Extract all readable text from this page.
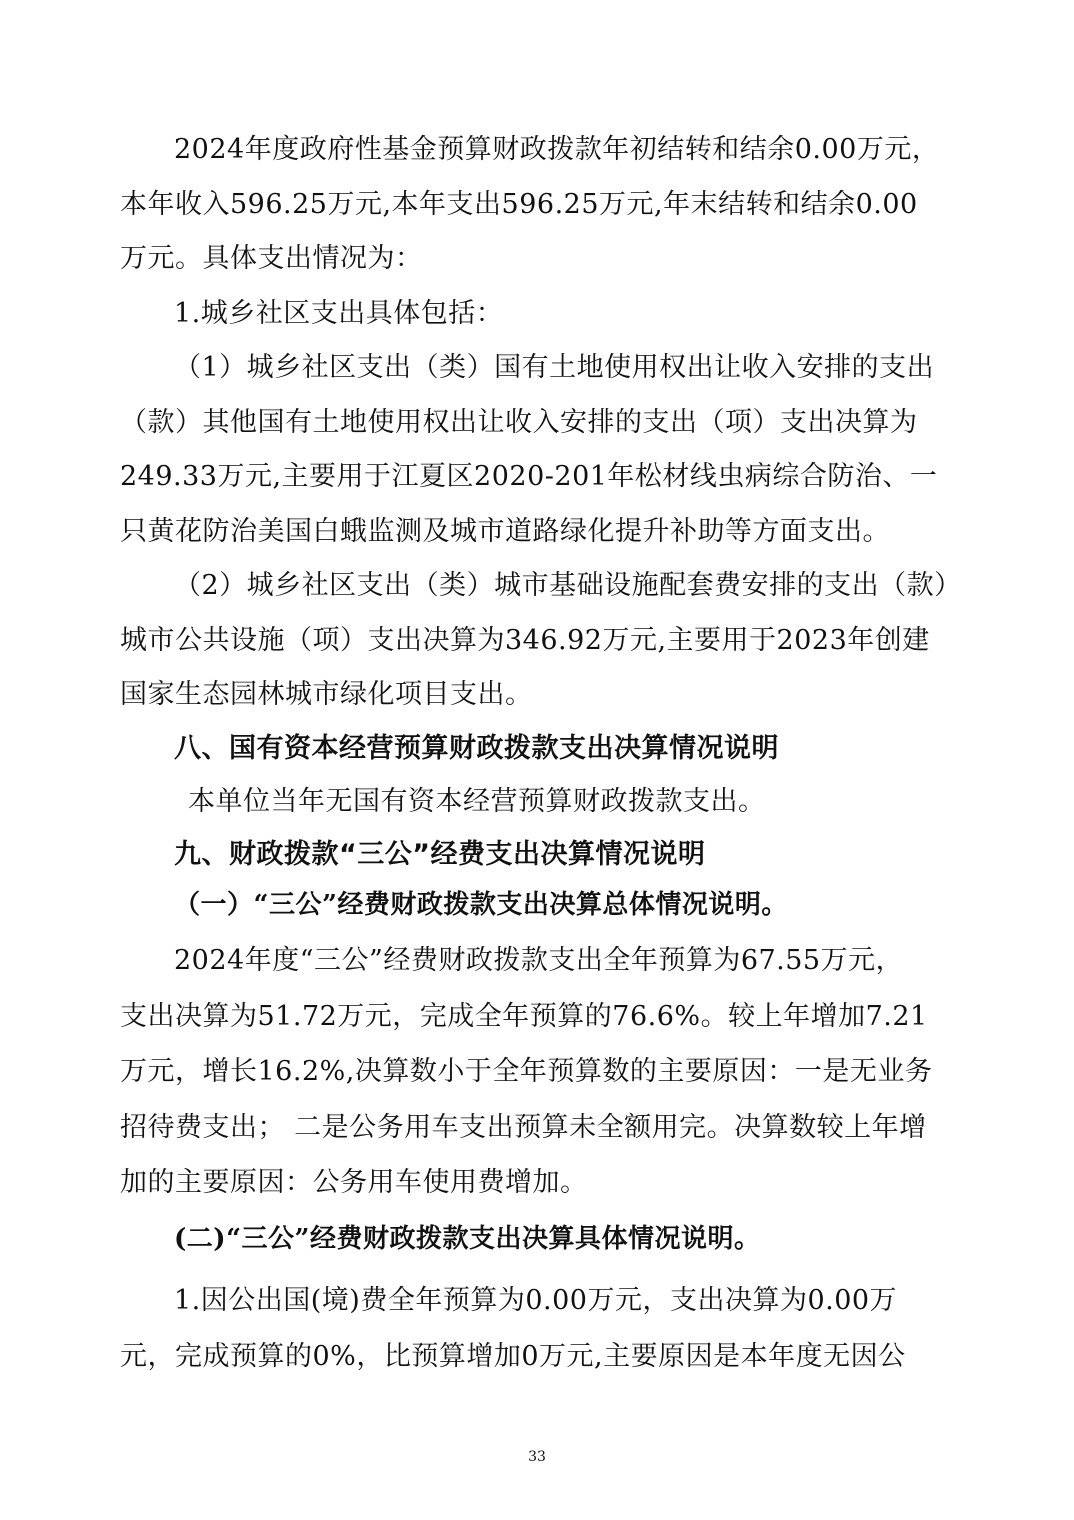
2024年度政府性基金预算财政拨款年初结转和结余0.00万元，
本年收入596.25万元,本年支出596.25万元,年末结转和结余0.00
万元。具体支出情况为：
1.城乡社区支出具体包括：
（1）城乡社区支出（类）国有土地使用权出让收入安排的支出
（款）其他国有土地使用权出让收入安排的支出（项）支出决算为
249.33万元,主要用于江夏区2020-201年松材线虫病综合防治、一
只黄花防治美国白蛾监测及城市道路绿化提升补助等方面支出。
（2）城乡社区支出（类）城市基础设施配套费安排的支出（款）
城市公共设施（项）支出决算为346.92万元,主要用于2023年创建
国家生态园林城市绿化项目支出。
八、国有资本经营预算财政拨款支出决算情况说明
本单位当年无国有资本经营预算财政拨款支出。
九、财政拨款“三公”经费支出决算情况说明
（一）“三公”经费财政拨款支出决算总体情况说明。
2024年度“三公”经费财政拨款支出全年预算为67.55万元，
支出决算为51.72万元，完成全年预算的76.6%。较上年增加7.21
万元，增长16.2%,决算数小于全年预算数的主要原因：一是无业务
招待费支出； 二是公务用车支出预算未全额用完。决算数较上年增
加的主要原因：公务用车使用费增加。
(二)“三公”经费财政拨款支出决算具体情况说明。
1.因公出国(境)费全年预算为0.00万元，支出决算为0.00万
元，完成预算的0%，比预算增加0万元,主要原因是本年度无因公
33
